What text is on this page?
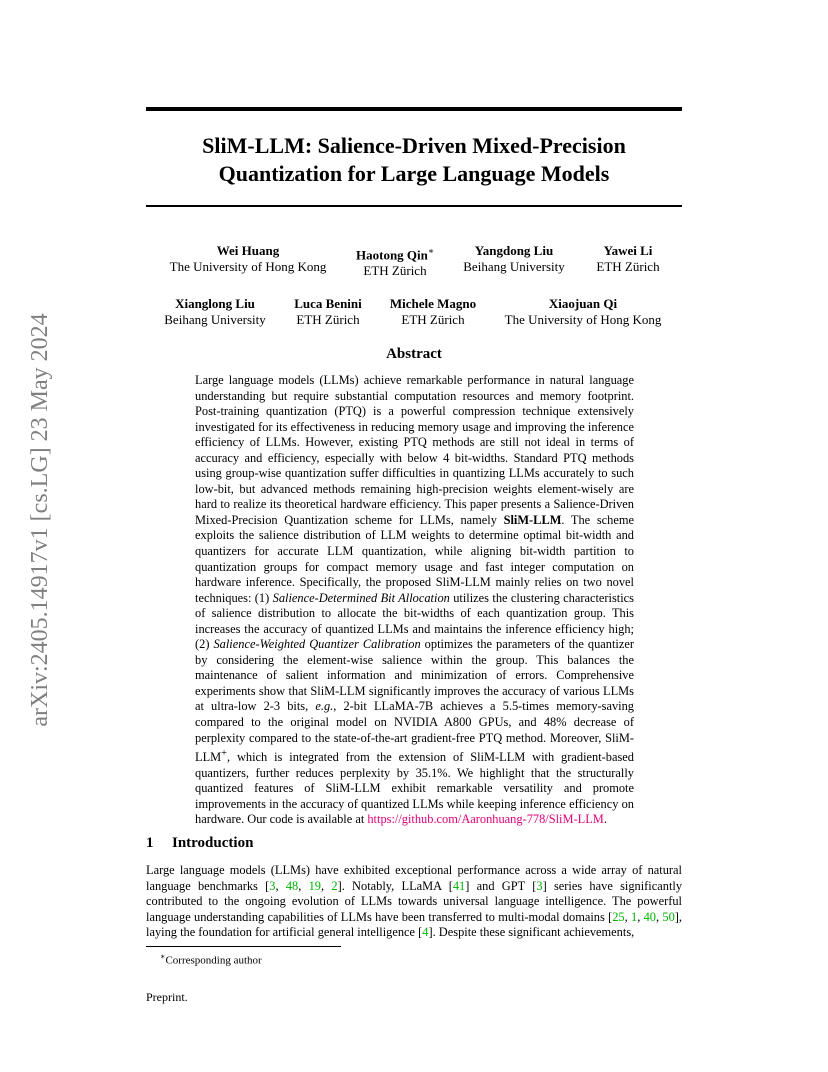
arXiv:2405.14917v1 [cs.LG] 23 May 2024
SliM-LLM: Salience-Driven Mixed-Precision
Quantization for Large Language Models
Wei Huang
The University of Hong Kong
Haotong Qin∗
ETH Zürich
Yangdong Liu
Beihang University
Yawei Li
ETH Zürich
Xianglong Liu
Beihang University
Luca Benini
ETH Zürich
Michele Magno
ETH Zürich
Xiaojuan Qi
The University of Hong Kong
Abstract
Large language models (LLMs) achieve remarkable performance in natural language understanding but require substantial computation resources and memory footprint. Post-training quantization (PTQ) is a powerful compression technique extensively investigated for its effectiveness in reducing memory usage and improving the inference efficiency of LLMs. However, existing PTQ methods are still not ideal in terms of accuracy and efficiency, especially with below 4 bit-widths. Standard PTQ methods using group-wise quantization suffer difficulties in quantizing LLMs accurately to such low-bit, but advanced methods remaining high-precision weights element-wisely are hard to realize its theoretical hardware efficiency. This paper presents a Salience-Driven Mixed-Precision Quantization scheme for LLMs, namely SliM-LLM. The scheme exploits the salience distribution of LLM weights to determine optimal bit-width and quantizers for accurate LLM quantization, while aligning bit-width partition to quantization groups for compact memory usage and fast integer computation on hardware inference. Specifically, the proposed SliM-LLM mainly relies on two novel techniques: (1) Salience-Determined Bit Allocation utilizes the clustering characteristics of salience distribution to allocate the bit-widths of each quantization group. This increases the accuracy of quantized LLMs and maintains the inference efficiency high; (2) Salience-Weighted Quantizer Calibration optimizes the parameters of the quantizer by considering the element-wise salience within the group. This balances the maintenance of salient information and minimization of errors. Comprehensive experiments show that SliM-LLM significantly improves the accuracy of various LLMs at ultra-low 2-3 bits, e.g., 2-bit LLaMA-7B achieves a 5.5-times memory-saving compared to the original model on NVIDIA A800 GPUs, and 48% decrease of perplexity compared to the state-of-the-art gradient-free PTQ method. Moreover, SliM-LLM+, which is integrated from the extension of SliM-LLM with gradient-based quantizers, further reduces perplexity by 35.1%. We highlight that the structurally quantized features of SliM-LLM exhibit remarkable versatility and promote improvements in the accuracy of quantized LLMs while keeping inference efficiency on hardware. Our code is available at https://github.com/Aaronhuang-778/SliM-LLM.
1 Introduction
Large language models (LLMs) have exhibited exceptional performance across a wide array of natural language benchmarks [3, 48, 19, 2]. Notably, LLaMA [41] and GPT [3] series have significantly contributed to the ongoing evolution of LLMs towards universal language intelligence. The powerful language understanding capabilities of LLMs have been transferred to multi-modal domains [25, 1, 40, 50], laying the foundation for artificial general intelligence [4]. Despite these significant achievements,
∗Corresponding author
Preprint.
